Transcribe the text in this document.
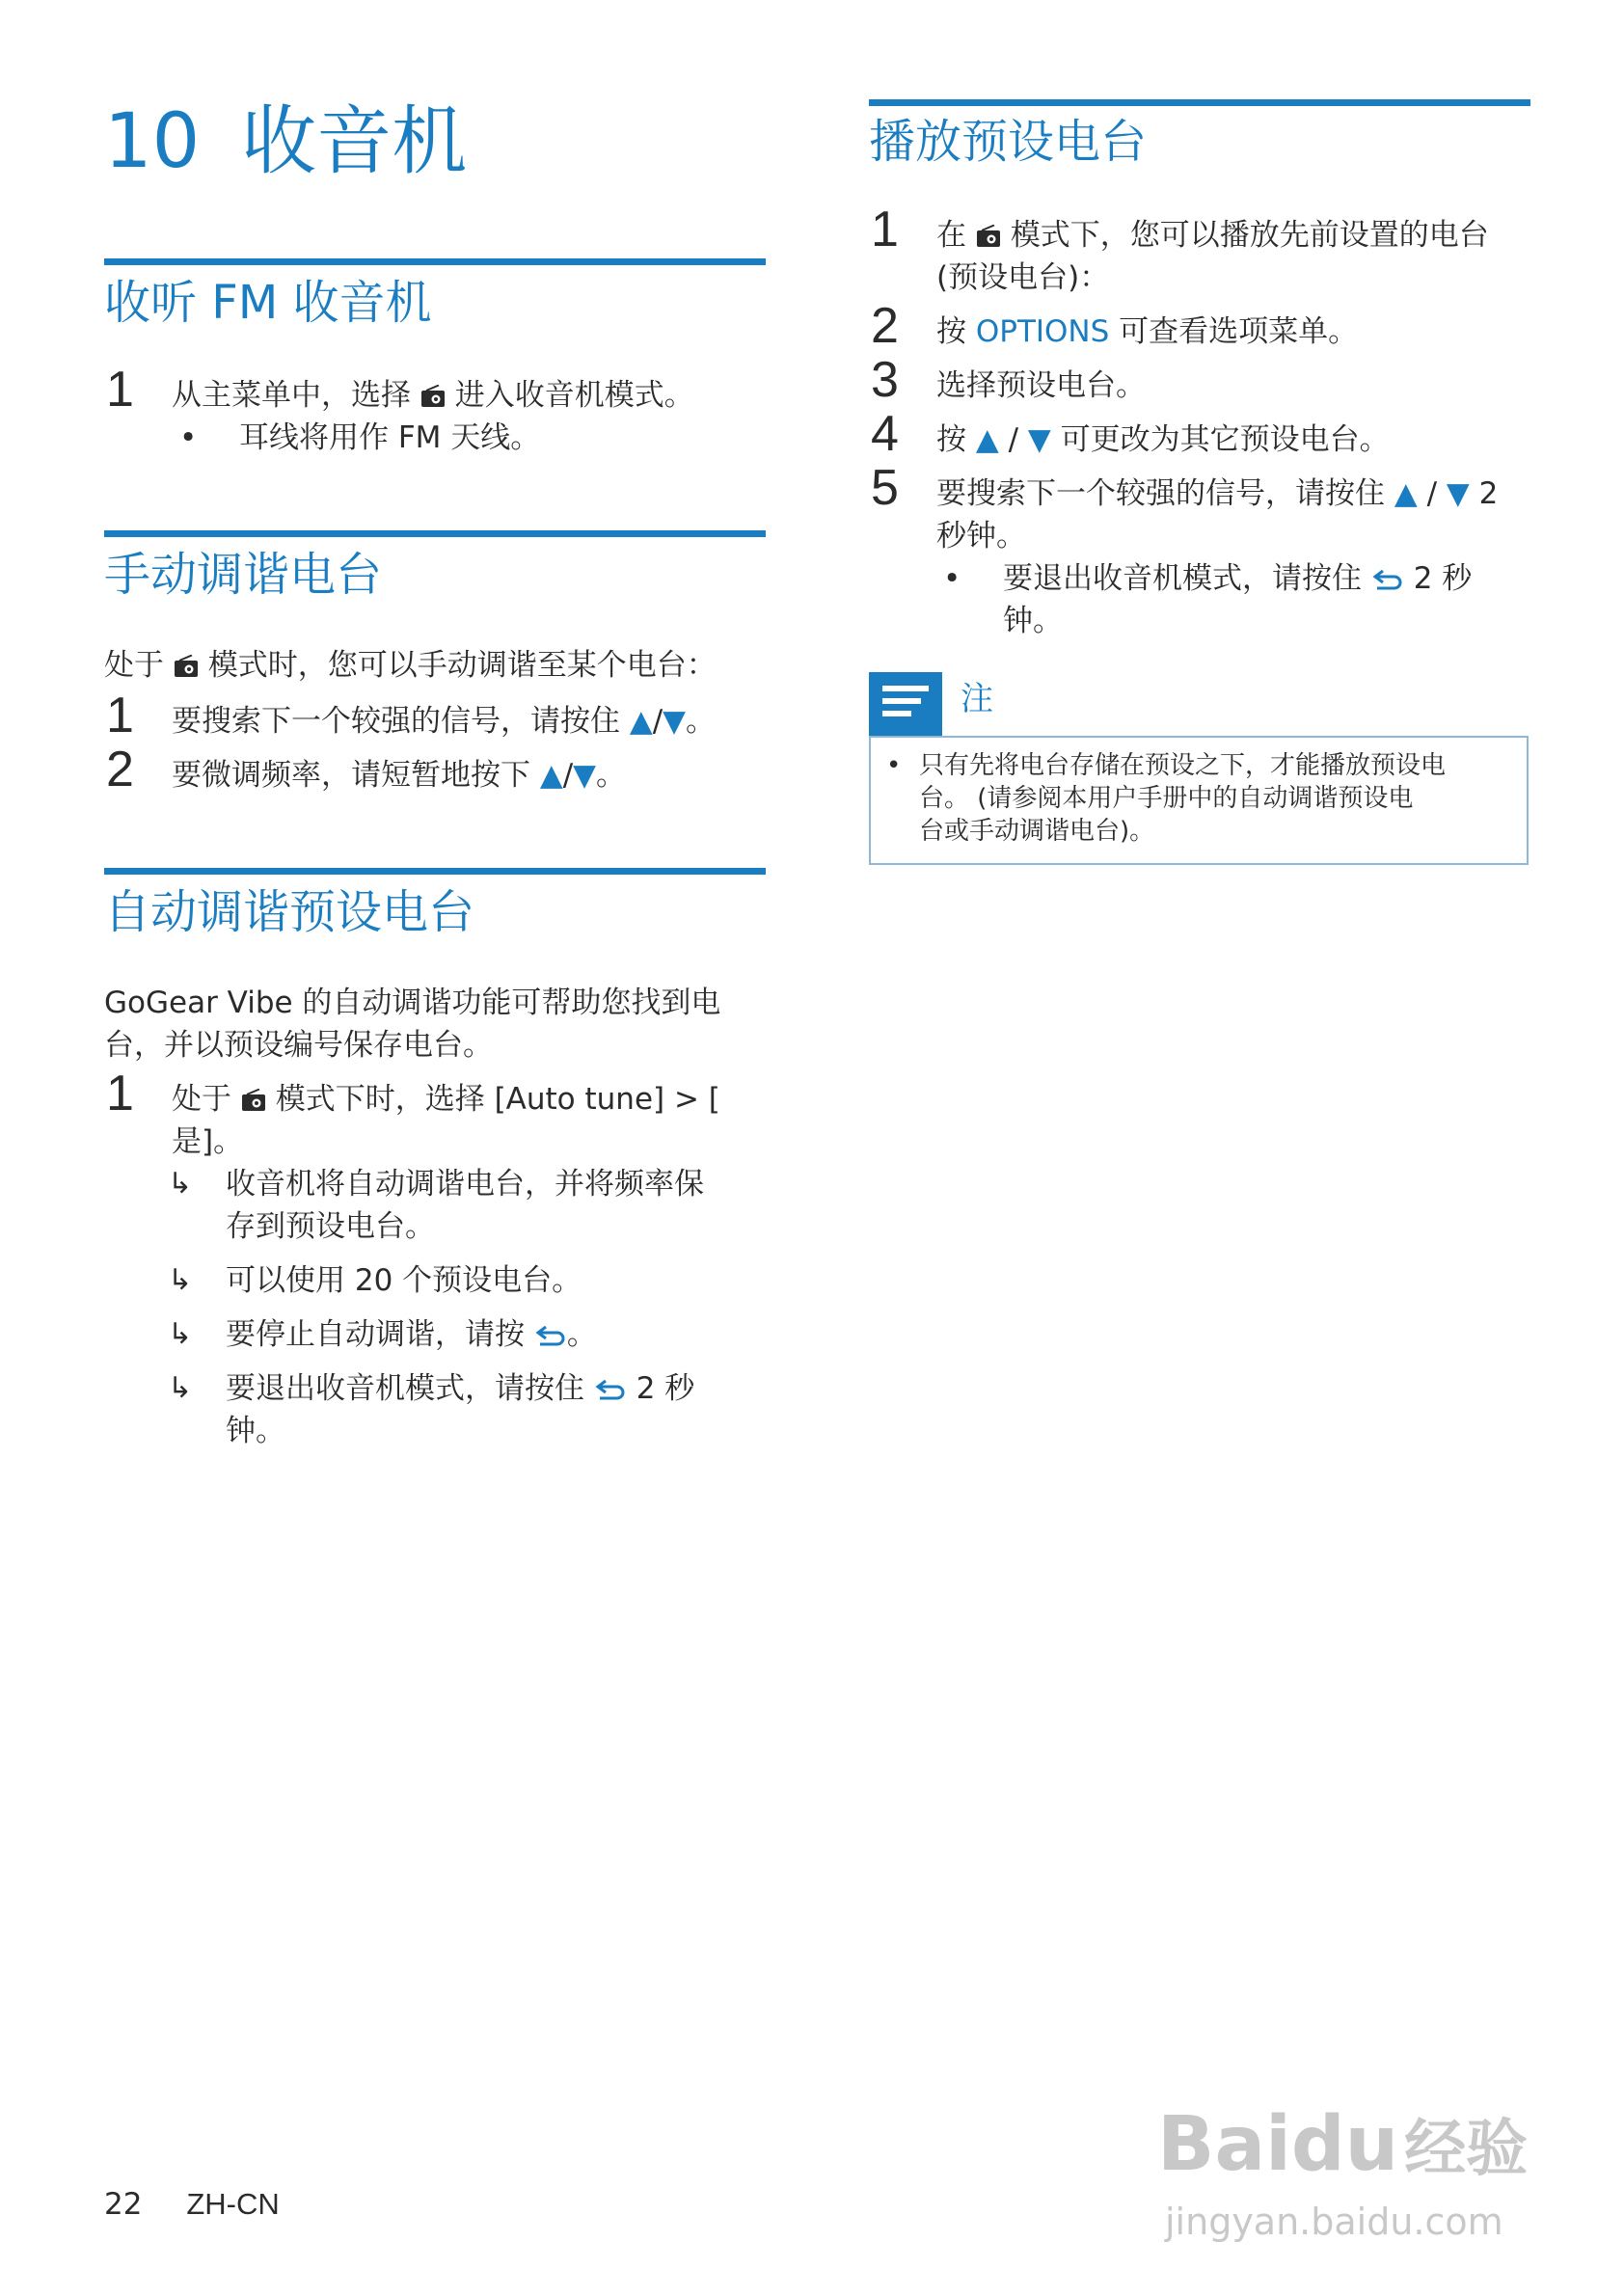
10 收音机
收听 FM 收音机
1 从主菜单中，选择 进入收音机模式。
• 耳线将用作 FM 天线。
手动调谐电台
处于 模式时，您可以手动调谐至某个电台：
1 要搜索下一个较强的信号，请按住 ▲/▼。
2 要微调频率，请短暂地按下 ▲/▼。
自动调谐预设电台
GoGear Vibe 的自动调谐功能可帮助您找到电
台，并以预设编号保存电台。
1 处于 模式下时，选择 [Auto tune] > [
是]。
↳ 收音机将自动调谐电台，并将频率保
存到预设电台。
↳ 可以使用 20 个预设电台。
↳ 要停止自动调谐，请按 。
↳ 要退出收音机模式，请按住 2 秒
钟。
播放预设电台
1 在 模式下，您可以播放先前设置的电台
(预设电台)：
2 按 OPTIONS 可查看选项菜单。
3 选择预设电台。
4 按 ▲ / ▼ 可更改为其它预设电台。
5 要搜索下一个较强的信号，请按住 ▲ / ▼ 2
秒钟。
• 要退出收音机模式，请按住 2 秒
钟。
注
• 只有先将电台存储在预设之下，才能播放预设电
台。 (请参阅本用户手册中的自动调谐预设电
台或手动调谐电台)。
22 ZH-CN
Baidu经验
jingyan.baidu.com
